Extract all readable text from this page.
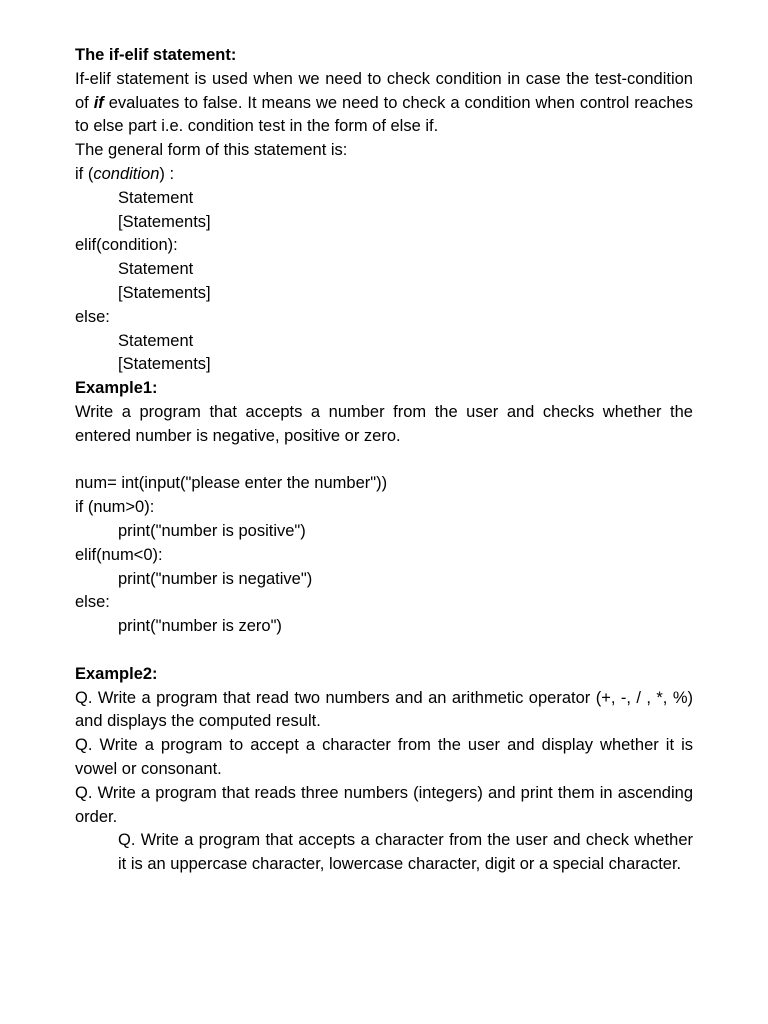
The if-elif statement:
If-elif statement is used when we need to check condition in case the test-condition of if evaluates to false. It means we need to check a condition when control reaches to else part i.e. condition test in the form of else if.
The general form of this statement is:
if (condition) :
Statement
[Statements]
elif(condition):
Statement
[Statements]
else:
Statement
[Statements]
Example1:
Write a program that accepts a number from the user and checks whether the entered number is negative, positive or zero.
num= int(input("please enter the number"))
if (num>0):
print("number is positive")
elif(num<0):
print("number is negative")
else:
print("number is zero")
Example2:
Q. Write a program that read two numbers and an arithmetic operator (+, -, / , *, %) and displays the computed result.
Q. Write a program to accept a character from the user and display whether it is vowel or consonant.
Q. Write a program that reads three numbers (integers) and print them in ascending order.
Q. Write a program that accepts a character from the user and check whether it is an uppercase character, lowercase character, digit or a special character.
